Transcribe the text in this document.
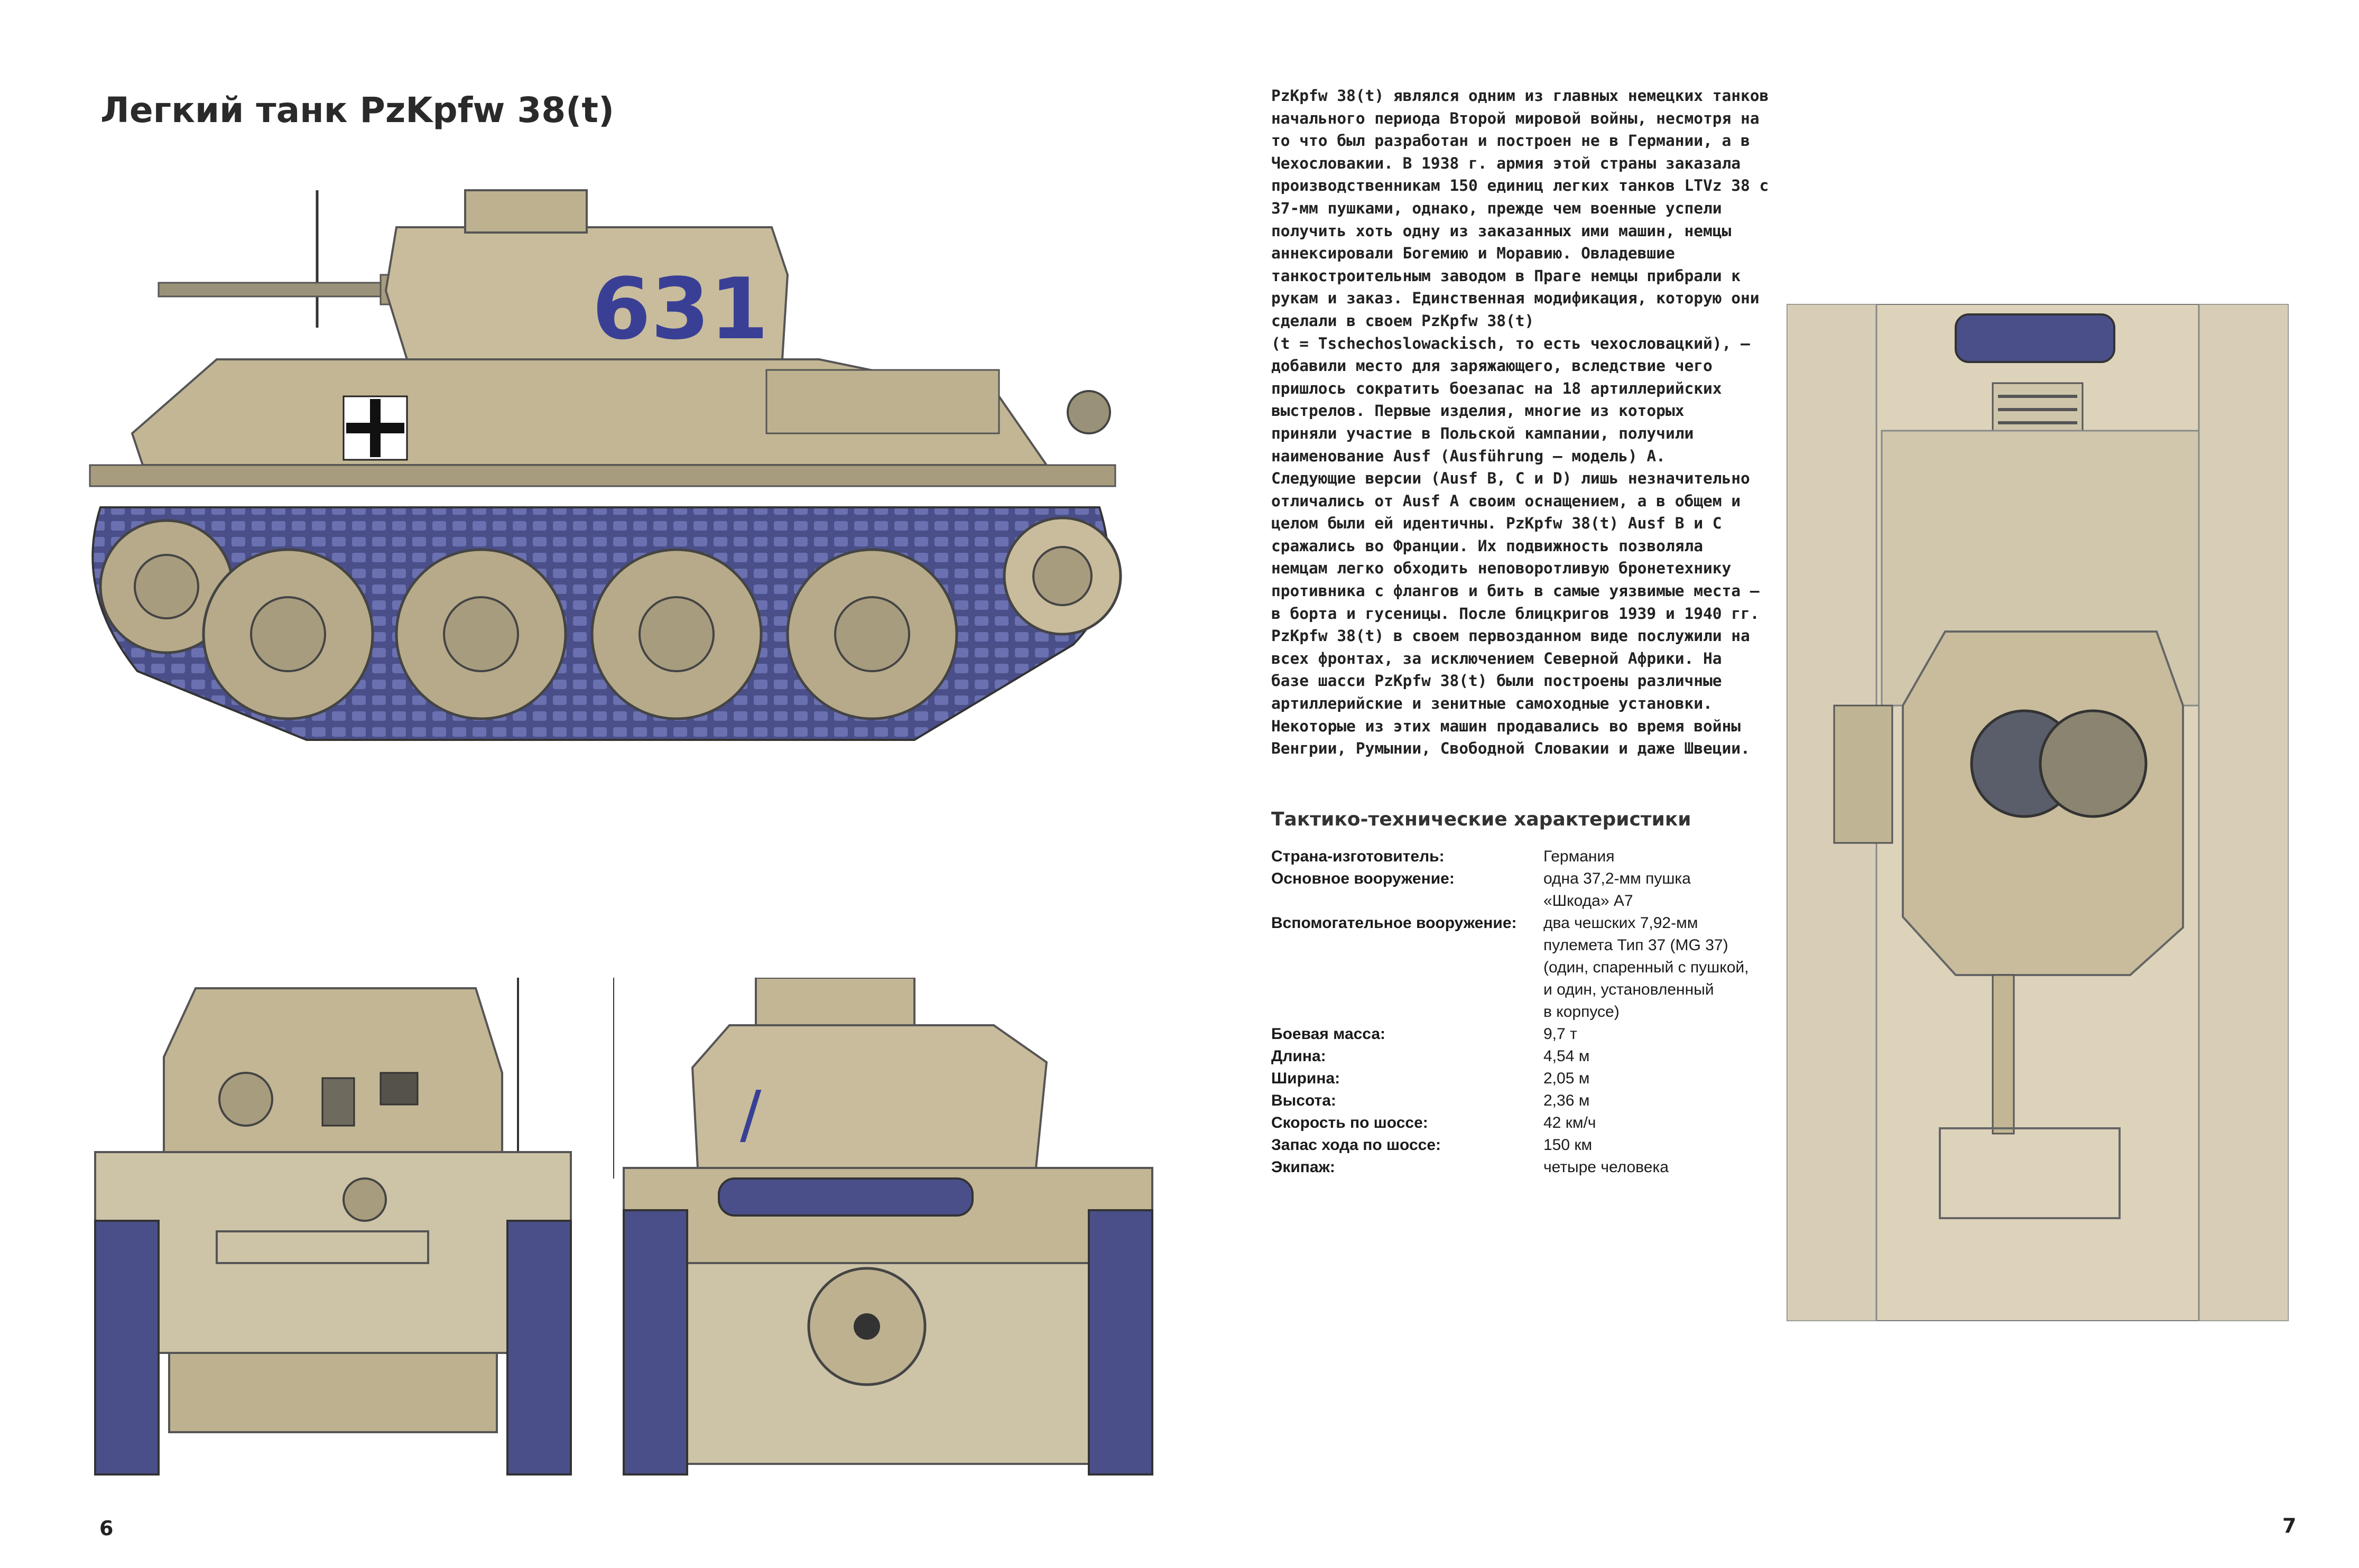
Легкий танк PzKpfw 38(t)
631
/

PzKpfw 38(t) являлся одним из главных немецких танков

начального периода Второй мировой войны, несмотря на

то что был разработан и построен не в Германии, а в

Чехословакии. В 1938 г. армия этой страны заказала

производственникам 150 единиц легких танков LTVz 38 с

37-мм пушками, однако, прежде чем военные успели

получить хоть одну из заказанных ими машин, немцы

аннексировали Богемию и Моравию. Овладевшие

танкостроительным заводом в Праге немцы прибрали к

рукам и заказ. Единственная модификация, которую они

сделали в своем PzKpfw 38(t)

(t = Tschechoslowackisch, то есть чехословацкий), —

добавили место для заряжающего, вследствие чего

пришлось сократить боезапас на 18 артиллерийских

выстрелов. Первые изделия, многие из которых

приняли участие в Польской кампании, получили

наименование Ausf (Ausführung — модель) A.

Следующие версии (Ausf B, C и D) лишь незначительно

отличались от Ausf A своим оснащением, а в общем и

целом были ей идентичны. PzKpfw 38(t) Ausf B и C

сражались во Франции. Их подвижность позволяла

немцам легко обходить неповоротливую бронетехнику

противника с флангов и бить в самые уязвимые места —

в борта и гусеницы. После блицкригов 1939 и 1940 гг.

PzKpfw 38(t) в своем первозданном виде послужили на

всех фронтах, за исключением Северной Африки. На

базе шасси PzKpfw 38(t) были построены различные

артиллерийские и зенитные самоходные установки.

Некоторые из этих машин продавались во время войны

Венгрии, Румынии, Свободной Словакии и даже Швеции.

Тактико-технические характеристики
Страна-изготовитель:	Германия
Основное вооружение:	одна 37,2-мм пушка
«Шкода» А7
Вспомогательное вооружение:	два чешских 7,92-мм
пулемета Тип 37 (MG 37)
(один, спаренный с пушкой,
и один, установленный
в корпусе)
Боевая масса:	9,7 т
Длина:	4,54 м
Ширина:	2,05 м
Высота:	2,36 м
Скорость по шоссе:	42 км/ч
Запас хода по шоссе:	150 км
Экипаж:	четыре человека
6	7
